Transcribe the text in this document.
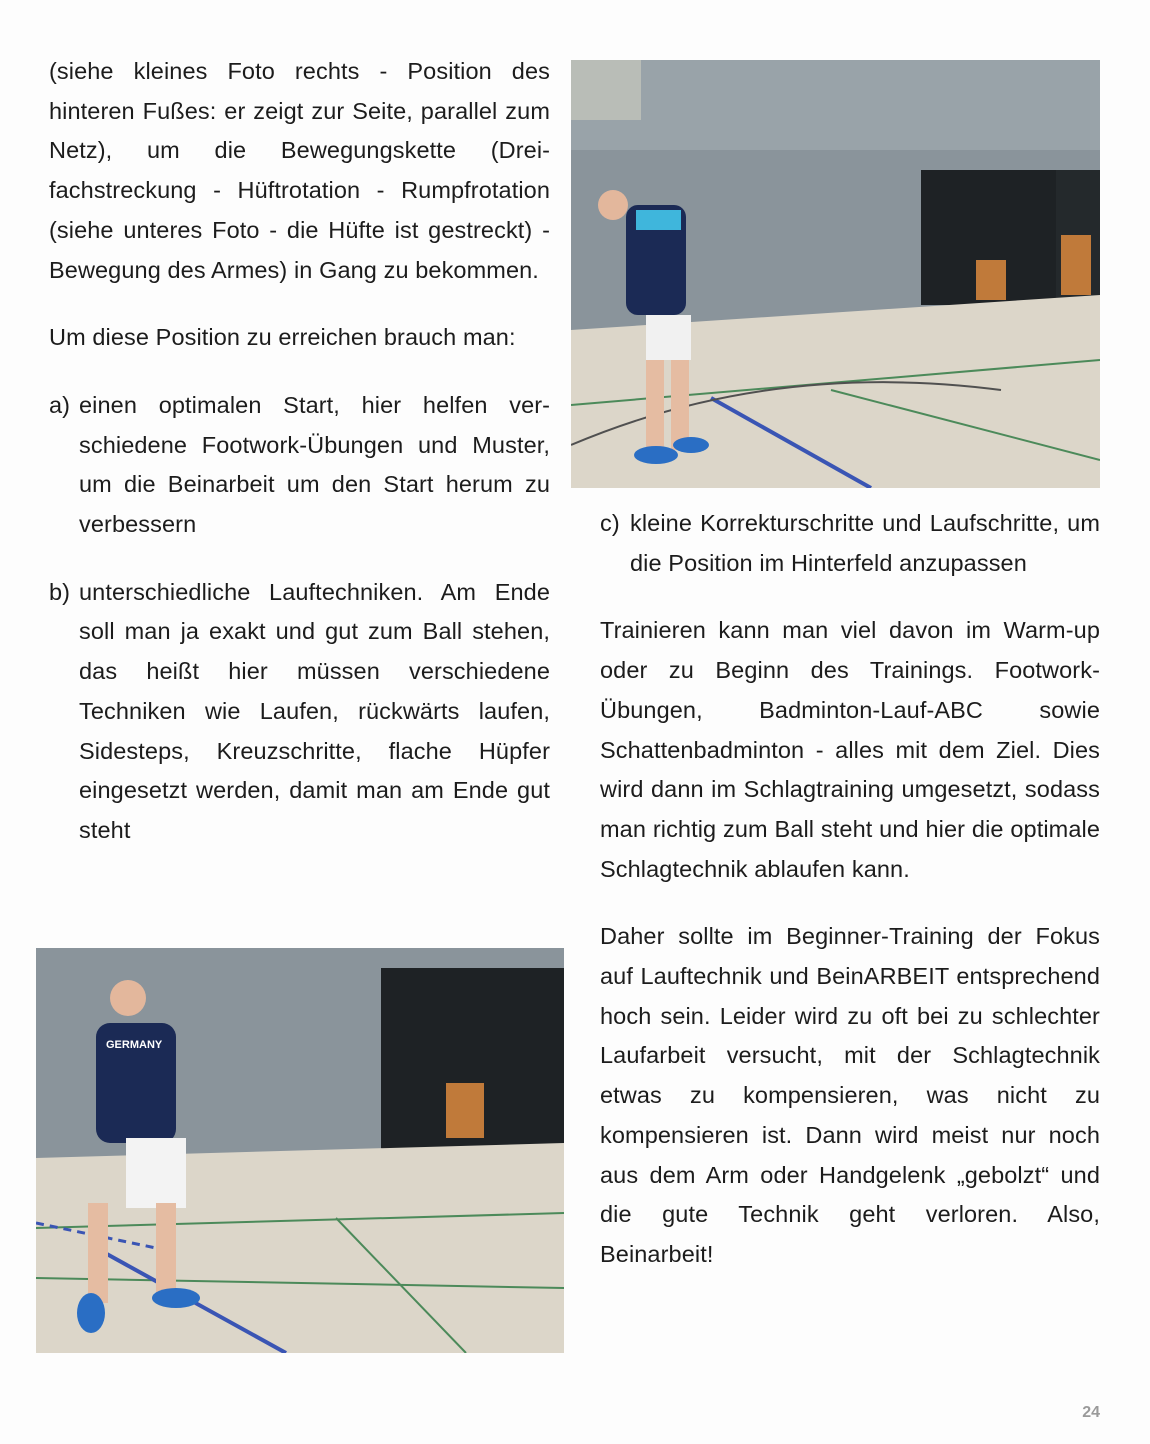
(siehe kleines Foto rechts - Position des hinteren Fußes: er zeigt zur Seite, parallel zum Netz), um die Bewegungskette (Dreifachstreckung - Hüftrotation - Rumpfrotation (siehe unteres Foto - die Hüfte ist gestreckt) - Bewegung des Armes) in Gang zu bekommen.

Um diese Position zu erreichen brauch man:

a) einen optimalen Start, hier helfen verschiedene Footwork-Übungen und Muster, um die Beinarbeit um den Start herum zu verbessern
b) unterschiedliche Lauftechniken. Am Ende soll man ja exakt und gut zum Ball stehen, das heißt hier müssen verschiedene Techniken wie Laufen, rückwärts laufen, Sidesteps, Kreuzschritte, flache Hüpfer eingesetzt werden, damit man am Ende gut steht
GERMANY
c) kleine Korrekturschritte und Laufschritte, um die Position im Hinterfeld anzupassen

Trainieren kann man viel davon im Warm-up oder zu Beginn des Trainings. Footwork-Übungen, Badminton-Lauf-ABC sowie Schattenbadminton - alles mit dem Ziel. Dies wird dann im Schlagtraining umgesetzt, sodass man richtig zum Ball steht und hier die optimale Schlagtechnik ablaufen kann.

Daher sollte im Beginner-Training der Fokus auf Lauftechnik und BeinARBEIT entsprechend hoch sein. Leider wird zu oft bei zu schlechter Laufarbeit versucht, mit der Schlagtechnik etwas zu kompensieren, was nicht zu kompensieren ist. Dann wird meist nur noch aus dem Arm oder Handgelenk „gebolzt“ und die gute Technik geht verloren. Also, Beinarbeit!

24
